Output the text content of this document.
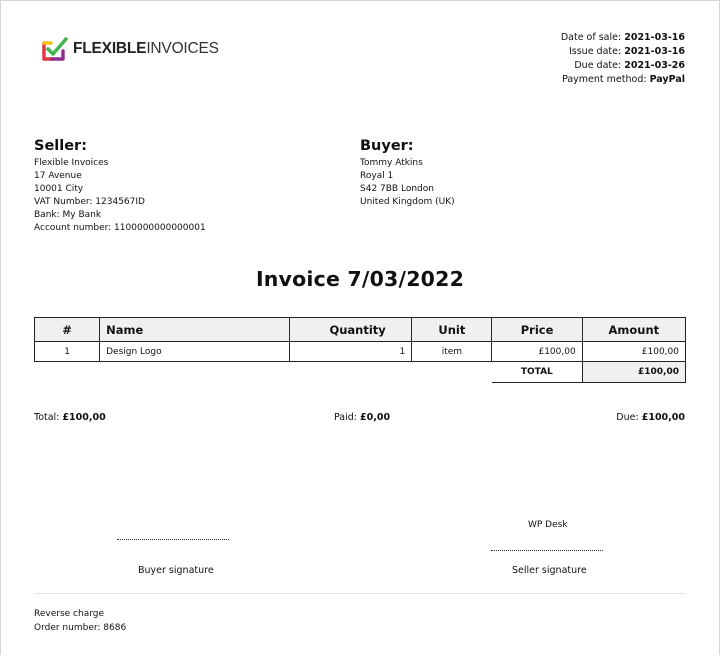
FLEXIBLEINVOICES
Date of sale: 2021-03-16
Issue date: 2021-03-16
Due date: 2021-03-26
Payment method: PayPal
Seller:
Flexible Invoices
17 Avenue
10001 City
VAT Number: 1234567ID
Bank: My Bank
Account number: 1100000000000001
Buyer:
Tommy Atkins
Royal 1
S42 7BB London
United Kingdom (UK)
Invoice 7/03/2022
#	Name	Quantity	Unit	Price	Amount
1	Design Logo	1	item	£100,00	£100,00
				TOTAL	£100,00
Total: £100,00	Paid: £0,00	Due: £100,00
WP Desk
Buyer signature	Seller signature
Reverse charge
Order number: 8686
